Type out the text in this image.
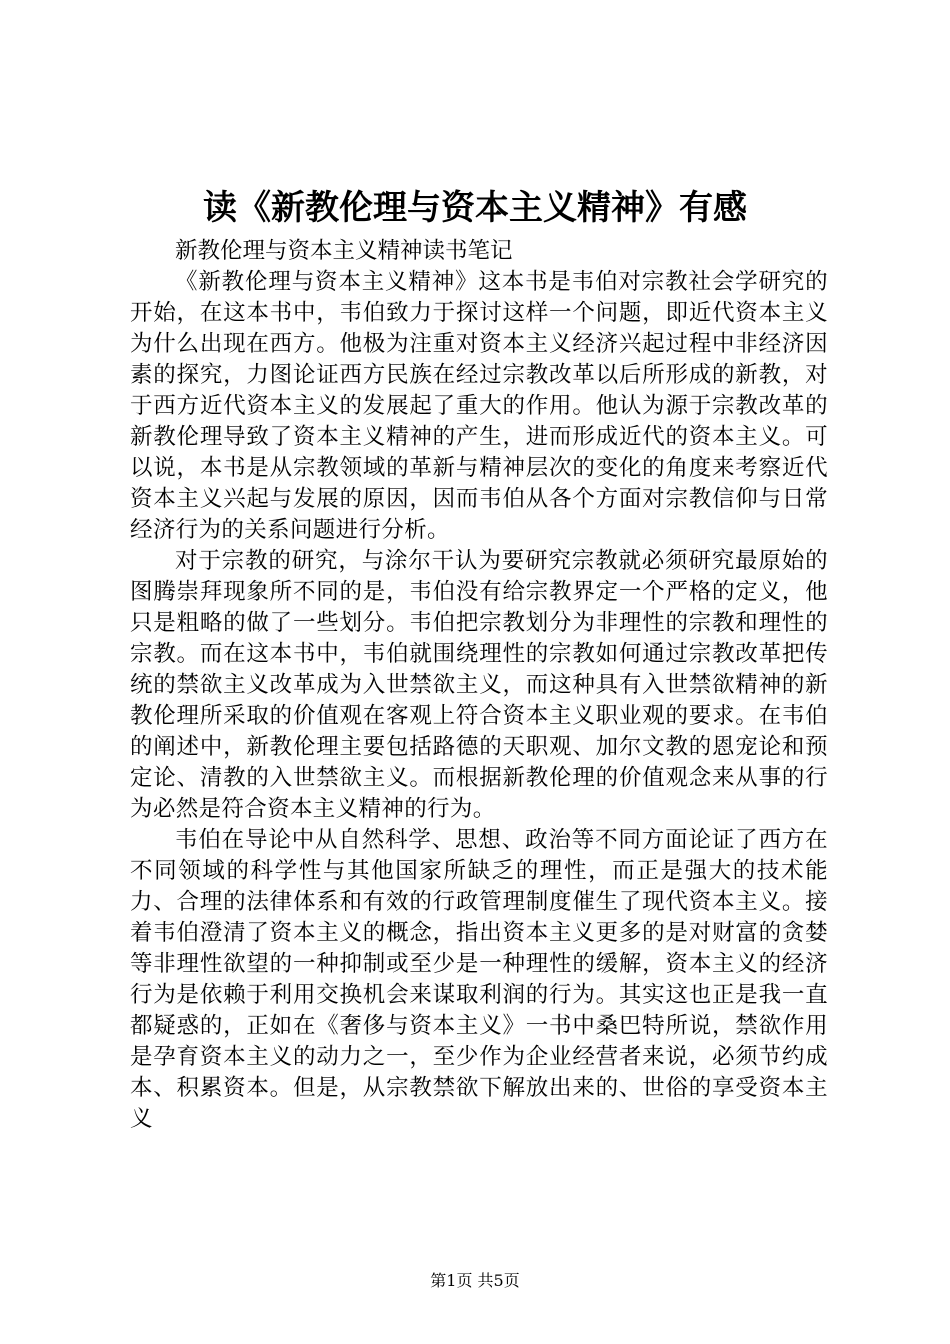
读《新教伦理与资本主义精神》有感

新教伦理与资本主义精神读书笔记

《新教伦理与资本主义精神》这本书是韦伯对宗教社会学研究的开始，在这本书中，韦伯致力于探讨这样一个问题，即近代资本主义为什么出现在西方。他极为注重对资本主义经济兴起过程中非经济因素的探究，力图论证西方民族在经过宗教改革以后所形成的新教，对于西方近代资本主义的发展起了重大的作用。他认为源于宗教改革的新教伦理导致了资本主义精神的产生，进而形成近代的资本主义。可以说，本书是从宗教领域的革新与精神层次的变化的角度来考察近代资本主义兴起与发展的原因，因而韦伯从各个方面对宗教信仰与日常经济行为的关系问题进行分析。

对于宗教的研究，与涂尔干认为要研究宗教就必须研究最原始的图腾崇拜现象所不同的是，韦伯没有给宗教界定一个严格的定义，他只是粗略的做了一些划分。韦伯把宗教划分为非理性的宗教和理性的宗教。而在这本书中，韦伯就围绕理性的宗教如何通过宗教改革把传统的禁欲主义改革成为入世禁欲主义，而这种具有入世禁欲精神的新教伦理所采取的价值观在客观上符合资本主义职业观的要求。在韦伯的阐述中，新教伦理主要包括路德的天职观、加尔文教的恩宠论和预定论、清教的入世禁欲主义。而根据新教伦理的价值观念来从事的行为必然是符合资本主义精神的行为。

韦伯在导论中从自然科学、思想、政治等不同方面论证了西方在不同领域的科学性与其他国家所缺乏的理性，而正是强大的技术能力、合理的法律体系和有效的行政管理制度催生了现代资本主义。接着韦伯澄清了资本主义的概念，指出资本主义更多的是对财富的贪婪等非理性欲望的一种抑制或至少是一种理性的缓解，资本主义的经济行为是依赖于利用交换机会来谋取利润的行为。其实这也正是我一直都疑惑的，正如在《奢侈与资本主义》一书中桑巴特所说，禁欲作用是孕育资本主义的动力之一，至少作为企业经营者来说，必须节约成本、积累资本。但是，从宗教禁欲下解放出来的、世俗的享受资本主义

第1页 共5页
